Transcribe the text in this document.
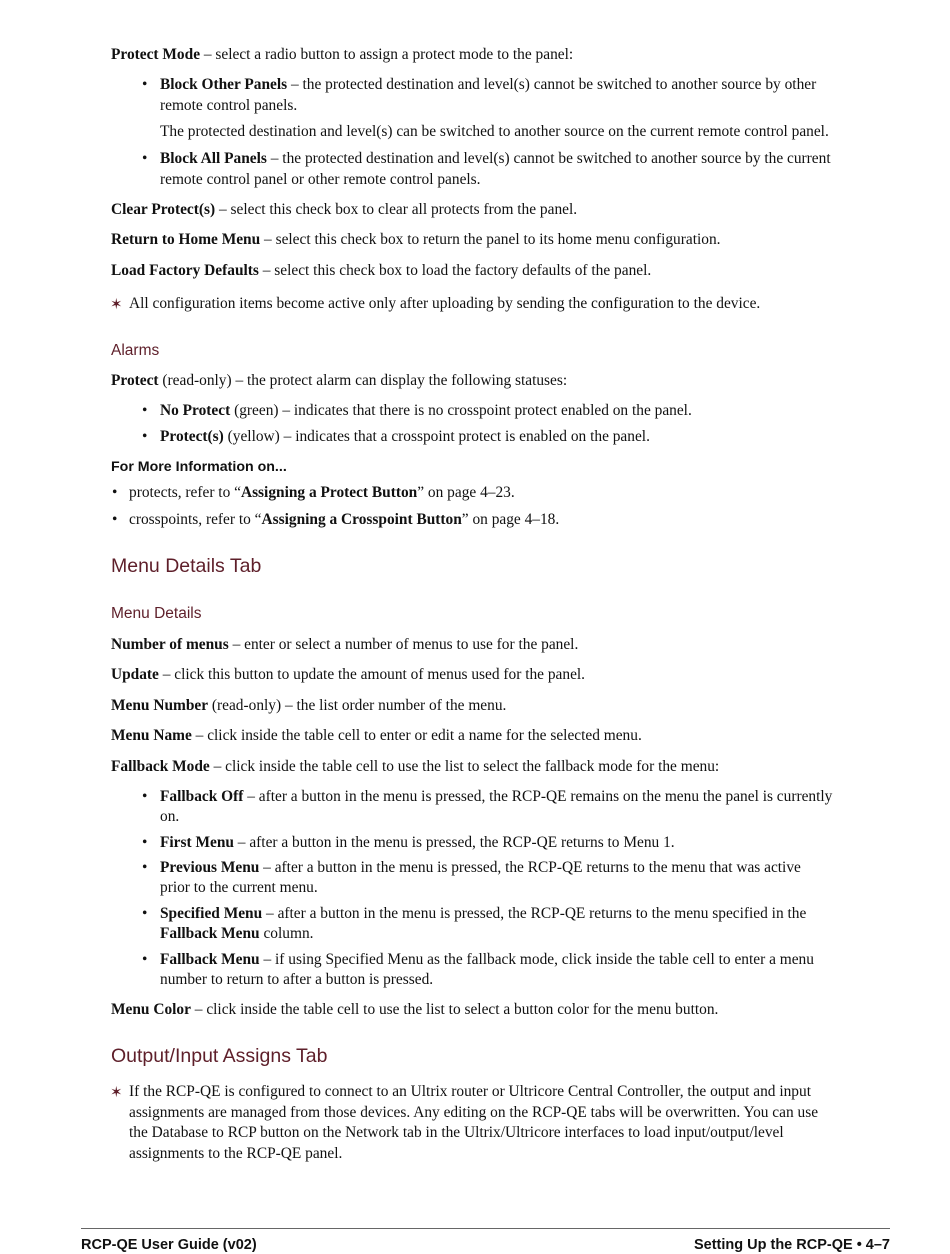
Protect Mode – select a radio button to assign a protect mode to the panel:

• Block Other Panels – the protected destination and level(s) cannot be switched to another source by other
remote control panels.
The protected destination and level(s) can be switched to another source on the current remote control panel.
• Block All Panels – the protected destination and level(s) cannot be switched to another source by the current
remote control panel or other remote control panels.

Clear Protect(s) – select this check box to clear all protects from the panel.

Return to Home Menu – select this check box to return the panel to its home menu configuration.

Load Factory Defaults – select this check box to load the factory defaults of the panel.

✶ All configuration items become active only after uploading by sending the configuration to the device.

Alarms

Protect (read-only) – the protect alarm can display the following statuses:

• No Protect (green) – indicates that there is no crosspoint protect enabled on the panel.
• Protect(s) (yellow) – indicates that a crosspoint protect is enabled on the panel.

For More Information on...

• protects, refer to “Assigning a Protect Button” on page 4–23.
• crosspoints, refer to “Assigning a Crosspoint Button” on page 4–18.

Menu Details Tab

Menu Details

Number of menus – enter or select a number of menus to use for the panel.

Update – click this button to update the amount of menus used for the panel.

Menu Number (read-only) – the list order number of the menu.

Menu Name – click inside the table cell to enter or edit a name for the selected menu.

Fallback Mode – click inside the table cell to use the list to select the fallback mode for the menu:

• Fallback Off – after a button in the menu is pressed, the RCP-QE remains on the menu the panel is currently
on.
• First Menu – after a button in the menu is pressed, the RCP-QE returns to Menu 1.
• Previous Menu – after a button in the menu is pressed, the RCP-QE returns to the menu that was active
prior to the current menu.
• Specified Menu – after a button in the menu is pressed, the RCP-QE returns to the menu specified in the
Fallback Menu column.
• Fallback Menu – if using Specified Menu as the fallback mode, click inside the table cell to enter a menu
number to return to after a button is pressed.

Menu Color – click inside the table cell to use the list to select a button color for the menu button.

Output/Input Assigns Tab

✶ If the RCP-QE is configured to connect to an Ultrix router or Ultricore Central Controller, the output and input
assignments are managed from those devices. Any editing on the RCP-QE tabs will be overwritten. You can use
the Database to RCP button on the Network tab in the Ultrix/Ultricore interfaces to load input/output/level
assignments to the RCP-QE panel.

RCP-QE User Guide (v02)	Setting Up the RCP-QE • 4–7
